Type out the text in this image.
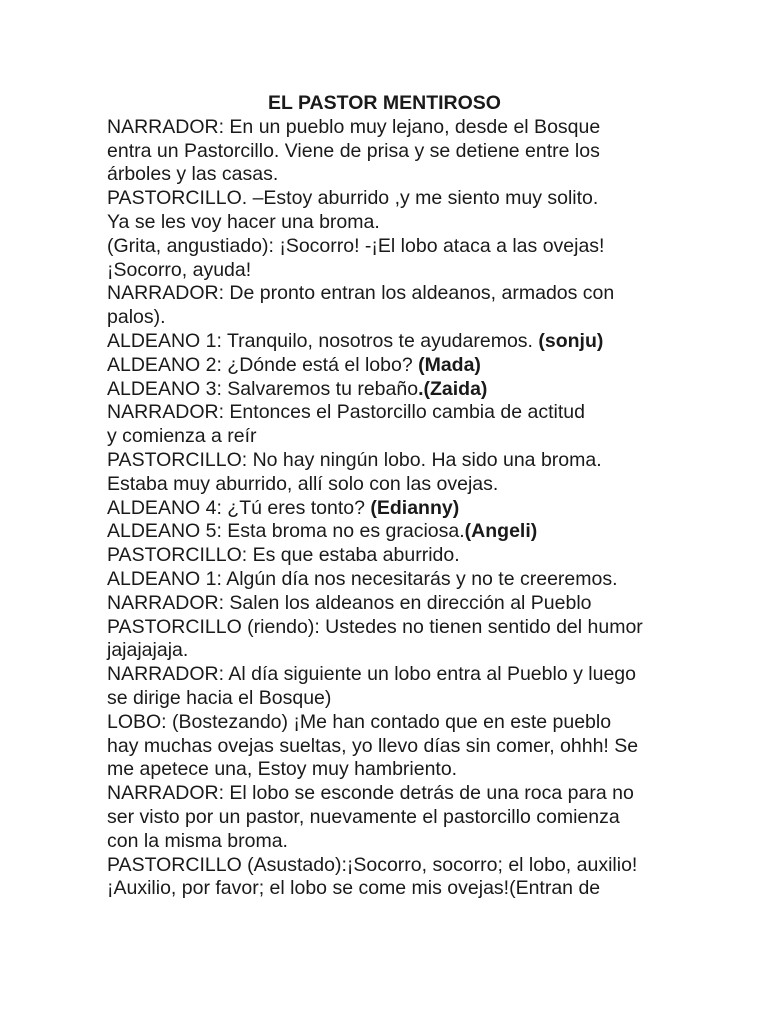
EL PASTOR MENTIROSO

NARRADOR: En un pueblo muy lejano, desde el Bosque

entra un Pastorcillo. Viene de prisa y se detiene entre los

árboles y las casas.

PASTORCILLO. –Estoy aburrido ,y me siento muy solito.

Ya se les voy hacer una broma.

(Grita, angustiado): ¡Socorro! -¡El lobo ataca a las ovejas!

¡Socorro, ayuda!

NARRADOR: De pronto entran los aldeanos, armados con

palos).

ALDEANO 1: Tranquilo, nosotros te ayudaremos. (sonju)

ALDEANO 2: ¿Dónde está el lobo? (Mada)

ALDEANO 3: Salvaremos tu rebaño.(Zaida)

NARRADOR: Entonces el Pastorcillo cambia de actitud

y comienza a reír

PASTORCILLO: No hay ningún lobo. Ha sido una broma.

Estaba muy aburrido, allí solo con las ovejas.

ALDEANO 4: ¿Tú eres tonto? (Edianny)

ALDEANO 5: Esta broma no es graciosa.(Angeli)

PASTORCILLO: Es que estaba aburrido.

ALDEANO 1: Algún día nos necesitarás y no te creeremos.

NARRADOR: Salen los aldeanos en dirección al Pueblo

PASTORCILLO (riendo): Ustedes no tienen sentido del humor

jajajajaja.

NARRADOR: Al día siguiente un lobo entra al Pueblo y luego

se dirige hacia el Bosque)

LOBO: (Bostezando) ¡Me han contado que en este pueblo

hay muchas ovejas sueltas, yo llevo días sin comer, ohhh! Se

me apetece una, Estoy muy hambriento.

NARRADOR: El lobo se esconde detrás de una roca para no

ser visto por un pastor, nuevamente el pastorcillo comienza

con la misma broma.

PASTORCILLO (Asustado):¡Socorro, socorro; el lobo, auxilio!

¡Auxilio, por favor; el lobo se come mis ovejas!(Entran de
